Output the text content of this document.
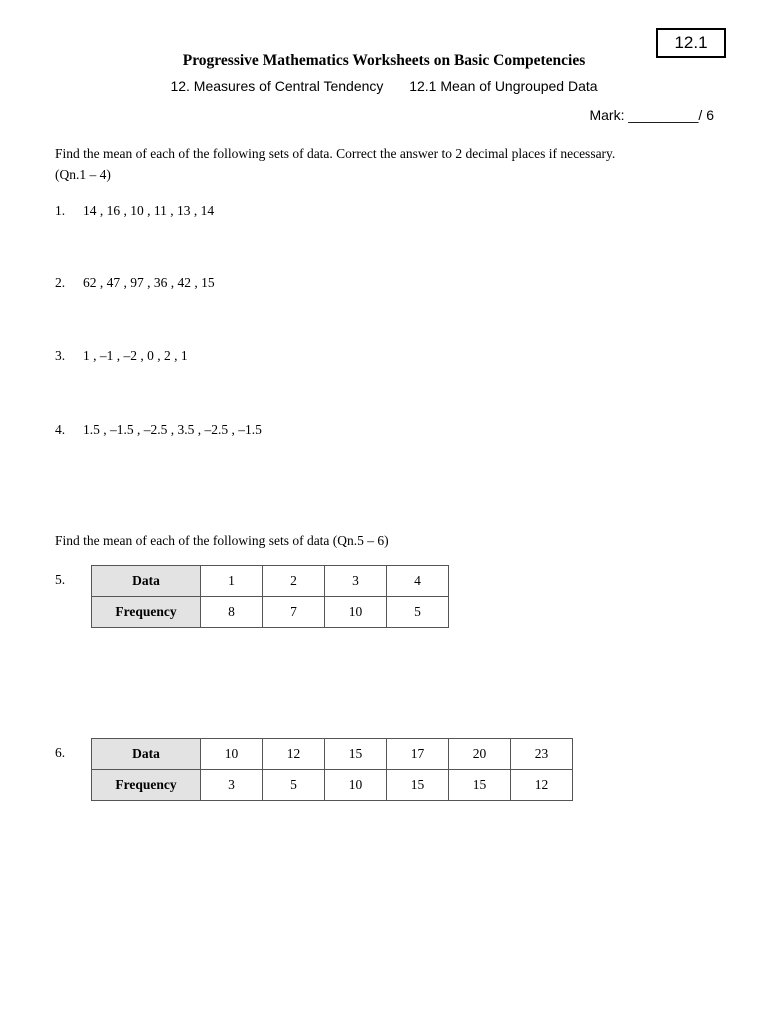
12.1
Progressive Mathematics Worksheets on Basic Competencies
12. Measures of Central Tendency 12.1 Mean of Ungrouped Data
Mark: _________/ 6
Find the mean of each of the following sets of data. Correct the answer to 2 decimal places if necessary.
(Qn.1 – 4)
1. 14 , 16 , 10 , 11 , 13 , 14
2. 62 , 47 , 97 , 36 , 42 , 15
3. 1 , –1 , –2 , 0 , 2 , 1
4. 1.5 , –1.5 , –2.5 , 3.5 , –2.5 , –1.5
Find the mean of each of the following sets of data (Qn.5 – 6)
5.	Data	1	2	3	4
Frequency	8	7	10	5
6.	Data	10	12	15	17	20	23
Frequency	3	5	10	15	15	12
